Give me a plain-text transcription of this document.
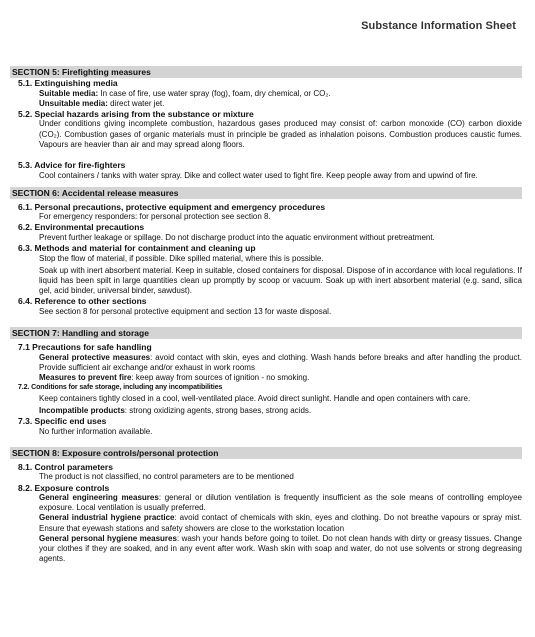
Substance Information Sheet
SECTION 5: Firefighting measures
5.1. Extinguishing media
Suitable media: In case of fire, use water spray (fog), foam, dry chemical, or CO₂.
Unsuitable media: direct water jet.
5.2. Special hazards arising from the substance or mixture
Under conditions giving incomplete combustion, hazardous gases produced may consist of: carbon monoxide (CO) carbon dioxide (CO₂). Combustion gases of organic materials must in principle be graded as inhalation poisons. Combustion produces caustic fumes. Vapours are heavier than air and may spread along floors.
5.3. Advice for fire-fighters
Cool containers / tanks with water spray. Dike and collect water used to fight fire. Keep people away from and upwind of fire.
SECTION 6: Accidental release measures
6.1. Personal precautions, protective equipment and emergency procedures
For emergency responders: for personal protection see section 8.
6.2. Environmental precautions
Prevent further leakage or spillage. Do not discharge product into the aquatic environment without pretreatment.
6.3. Methods and material for containment and cleaning up
Stop the flow of material, if possible. Dike spilled material, where this is possible.
Soak up with inert absorbent material. Keep in suitable, closed containers for disposal. Dispose of in accordance with local regulations. If liquid has been spilt in large quantities clean up promptly by scoop or vacuum. Soak up with inert absorbent material (e.g. sand, silica gel, acid binder, universal binder, sawdust).
6.4. Reference to other sections
See section 8 for personal protective equipment and section 13 for waste disposal.
SECTION 7: Handling and storage
7.1 Precautions for safe handling
General protective measures: avoid contact with skin, eyes and clothing. Wash hands before breaks and after handling the product. Provide sufficient air exchange and/or exhaust in work rooms
Measures to prevent fire: keep away from sources of ignition - no smoking.
7.2. Conditions for safe storage, including any incompatibilities
Keep containers tightly closed in a cool, well-ventilated place. Avoid direct sunlight. Handle and open containers with care.
Incompatible products: strong oxidizing agents, strong bases, strong acids.
7.3. Specific end uses
No further information available.
SECTION 8: Exposure controls/personal protection
8.1. Control parameters
The product is not classified, no control parameters are to be mentioned
8.2. Exposure controls
General engineering measures: general or dilution ventilation is frequently insufficient as the sole means of controlling employee exposure. Local ventilation is usually preferred.
General industrial hygiene practice: avoid contact of chemicals with skin, eyes and clothing. Do not breathe vapours or spray mist. Ensure that eyewash stations and safety showers are close to the workstation location
General personal hygiene measures: wash your hands before going to toilet. Do not clean hands with dirty or greasy tissues. Change your clothes if they are soaked, and in any event after work. Wash skin with soap and water, do not use solvents or strong degreasing agents.
